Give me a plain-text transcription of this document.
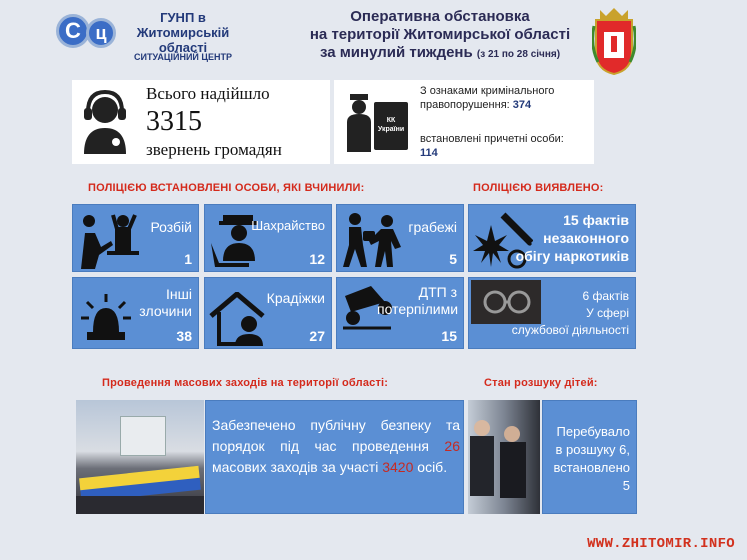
С ц
ГУНП в
Житомирській
області
СИТУАЦІЙНИЙ ЦЕНТР
Оперативна обстановка
на території Житомирської області
за минулий тиждень (з 21 по 28 січня)
Всього надійшло
3315
звернень громадян
КК України
З ознаками кримінального правопорушення: 374
встановлені причетні особи:
114
ПОЛІЦІЄЮ ВСТАНОВЛЕНІ ОСОБИ, ЯКІ ВЧИНИЛИ:	ПОЛІЦІЄЮ ВИЯВЛЕНО:
Розбій
1
Шахрайство
12
грабежі
5
15 фактів
незаконного
обігу наркотиків
Інші злочини
38
Крадіжки
27
ДТП з потерпілими
15
6 фактів
У сфері
службової діяльності
Проведення масових заходів на території області:	Стан розшуку дітей:
Забезпечено публічну безпеку та порядок під час проведення 26 масових заходів за участі 3420 осіб.
Перебувало в розшуку 6, встановлено 5
WWW.ZHITOMIR.INFO
